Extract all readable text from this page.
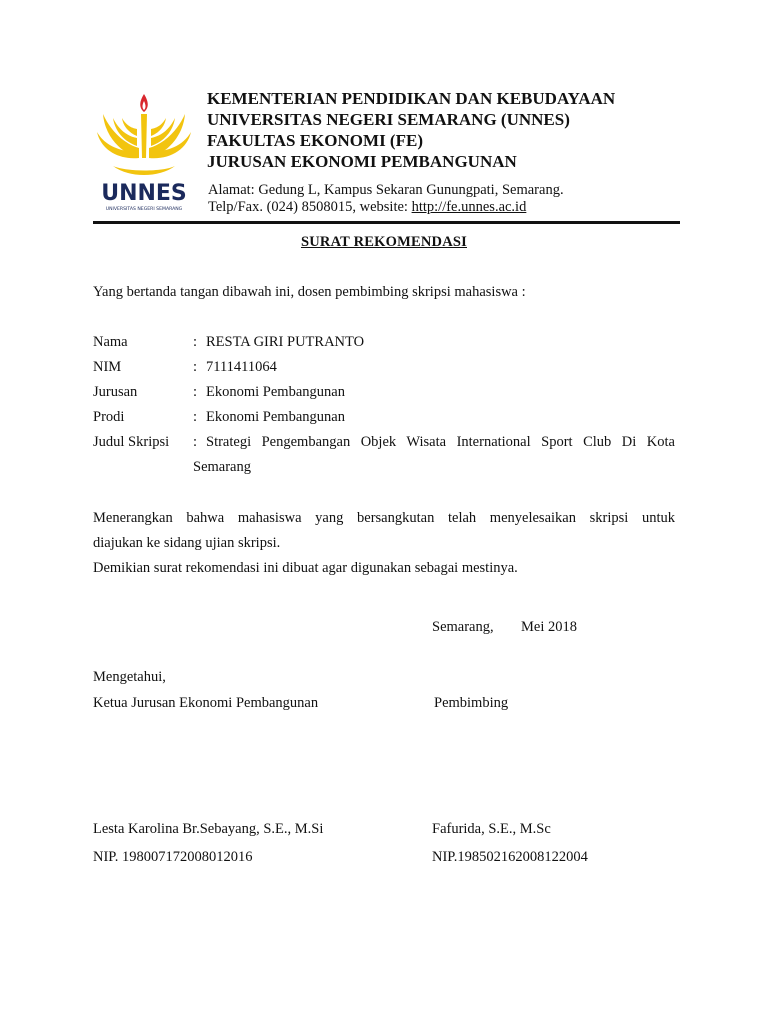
UNNES
UNIVERSITAS NEGERI SEMARANG
KEMENTERIAN PENDIDIKAN DAN KEBUDAYAAN
UNIVERSITAS NEGERI SEMARANG (UNNES)
FAKULTAS EKONOMI (FE)
JURUSAN EKONOMI PEMBANGUNAN
Alamat: Gedung L, Kampus Sekaran Gunungpati, Semarang.
Telp/Fax. (024) 8508015, website: http://fe.unnes.ac.id
SURAT REKOMENDASI
Yang bertanda tangan dibawah ini, dosen pembimbing skripsi mahasiswa :
Nama	: RESTA GIRI PUTRANTO
NIM	: 7111411064
Jurusan	: Ekonomi Pembangunan
Prodi	: Ekonomi Pembangunan
Judul Skripsi : Strategi Pengembangan Objek Wisata International Sport Club Di Kota
Semarang
Menerangkan bahwa mahasiswa yang bersangkutan telah menyelesaikan skripsi untuk
diajukan ke sidang ujian skripsi.
Demikian surat rekomendasi ini dibuat agar digunakan sebagai mestinya.
Semarang, Mei 2018
Mengetahui,
Ketua Jurusan Ekonomi Pembangunan	Pembimbing
Lesta Karolina Br.Sebayang, S.E., M.Si	Fafurida, S.E., M.Sc
NIP. 198007172008012016	NIP.198502162008122004
